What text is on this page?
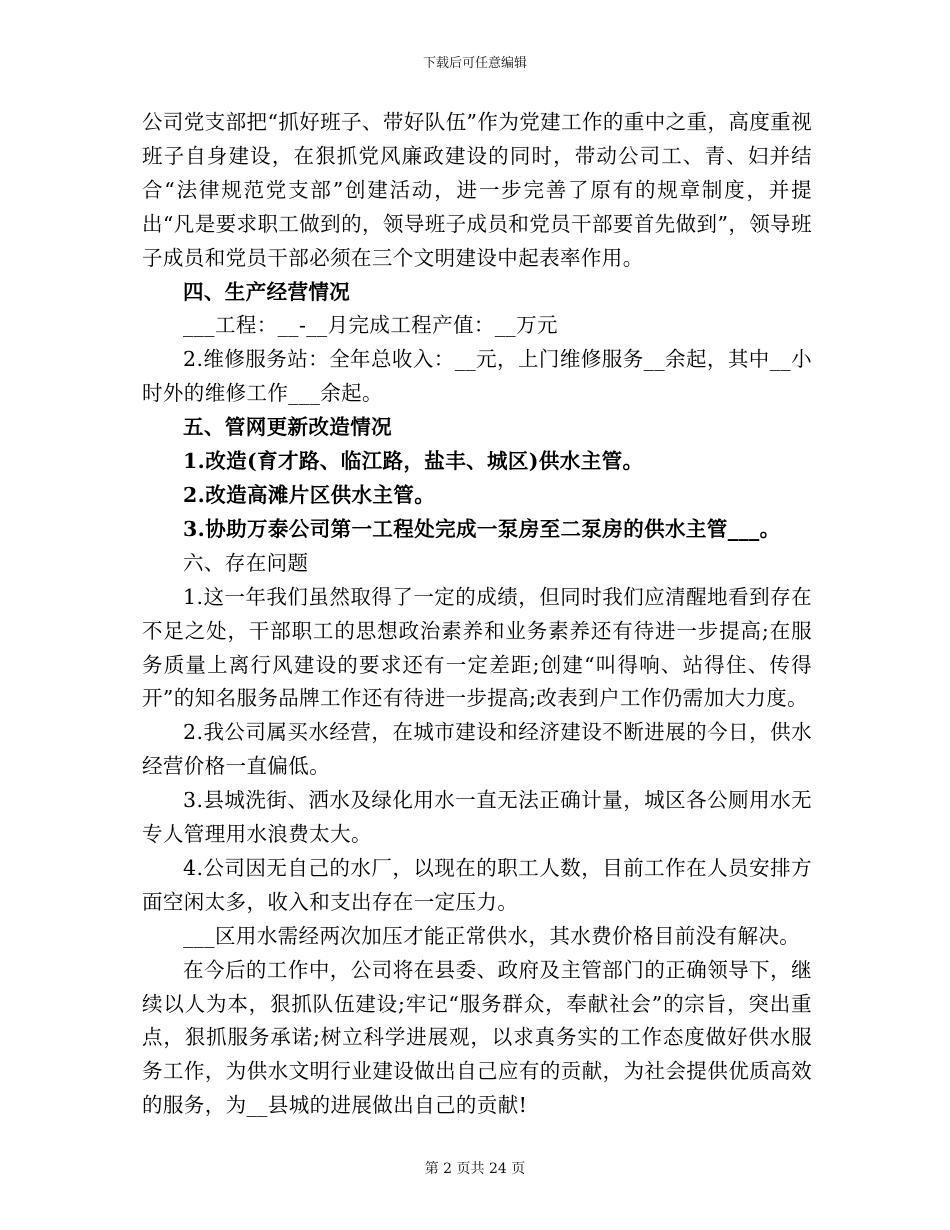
下载后可任意编辑

公司党支部把“抓好班子、带好队伍”作为党建工作的重中之重，高度重视班子自身建设，在狠抓党风廉政建设的同时，带动公司工、青、妇并结合“法律规范党支部”创建活动，进一步完善了原有的规章制度，并提出“凡是要求职工做到的，领导班子成员和党员干部要首先做到”，领导班子成员和党员干部必须在三个文明建设中起表率作用。

四、生产经营情况

___工程：__-__月完成工程产值：__万元

2.维修服务站：全年总收入：__元，上门维修服务__余起，其中__小时外的维修工作___余起。

五、管网更新改造情况

1.改造(育才路、临江路，盐丰、城区)供水主管。

2.改造高滩片区供水主管。

3.协助万泰公司第一工程处完成一泵房至二泵房的供水主管___。

六、存在问题

1.这一年我们虽然取得了一定的成绩，但同时我们应清醒地看到存在不足之处，干部职工的思想政治素养和业务素养还有待进一步提高;在服务质量上离行风建设的要求还有一定差距;创建“叫得响、站得住、传得开”的知名服务品牌工作还有待进一步提高;改表到户工作仍需加大力度。

2.我公司属买水经营，在城市建设和经济建设不断进展的今日，供水经营价格一直偏低。

3.县城洗街、洒水及绿化用水一直无法正确计量，城区各公厕用水无专人管理用水浪费太大。

4.公司因无自己的水厂，以现在的职工人数，目前工作在人员安排方面空闲太多，收入和支出存在一定压力。

___区用水需经两次加压才能正常供水，其水费价格目前没有解决。

在今后的工作中，公司将在县委、政府及主管部门的正确领导下，继续以人为本，狠抓队伍建设;牢记“服务群众，奉献社会”的宗旨，突出重点，狠抓服务承诺;树立科学进展观，以求真务实的工作态度做好供水服务工作，为供水文明行业建设做出自己应有的贡献，为社会提供优质高效的服务，为__县城的进展做出自己的贡献!

第 2 页共 24 页
